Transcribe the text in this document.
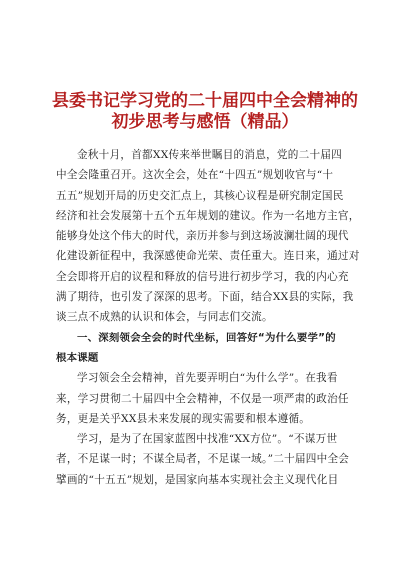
县委书记学习党的二十届四中全会精神的
初步思考与感悟（精品）
金秋十月，首都XX传来举世瞩目的消息，党的二十届四
中全会隆重召开。这次全会，处在“十四五”规划收官与“十
五五”规划开局的历史交汇点上，其核心议程是研究制定国民
经济和社会发展第十五个五年规划的建议。作为一名地方主官，
能够身处这个伟大的时代，亲历并参与到这场波澜壮阔的现代
化建设新征程中，我深感使命光荣、责任重大。连日来，通过对
全会即将开启的议程和释放的信号进行初步学习，我的内心充
满了期待，也引发了深深的思考。下面，结合XX县的实际，我
谈三点不成熟的认识和体会，与同志们交流。
一、深刻领会全会的时代坐标，回答好“为什么要学”的
根本课题
学习领会全会精神，首先要弄明白“为什么学”。在我看
来，学习贯彻二十届四中全会精神，不仅是一项严肃的政治任
务，更是关乎XX县未来发展的现实需要和根本遵循。
学习，是为了在国家蓝图中找准“XX方位”。“不谋万世
者，不足谋一时；不谋全局者，不足谋一域。”二十届四中全会
擘画的“十五五”规划，是国家向基本实现社会主义现代化目
